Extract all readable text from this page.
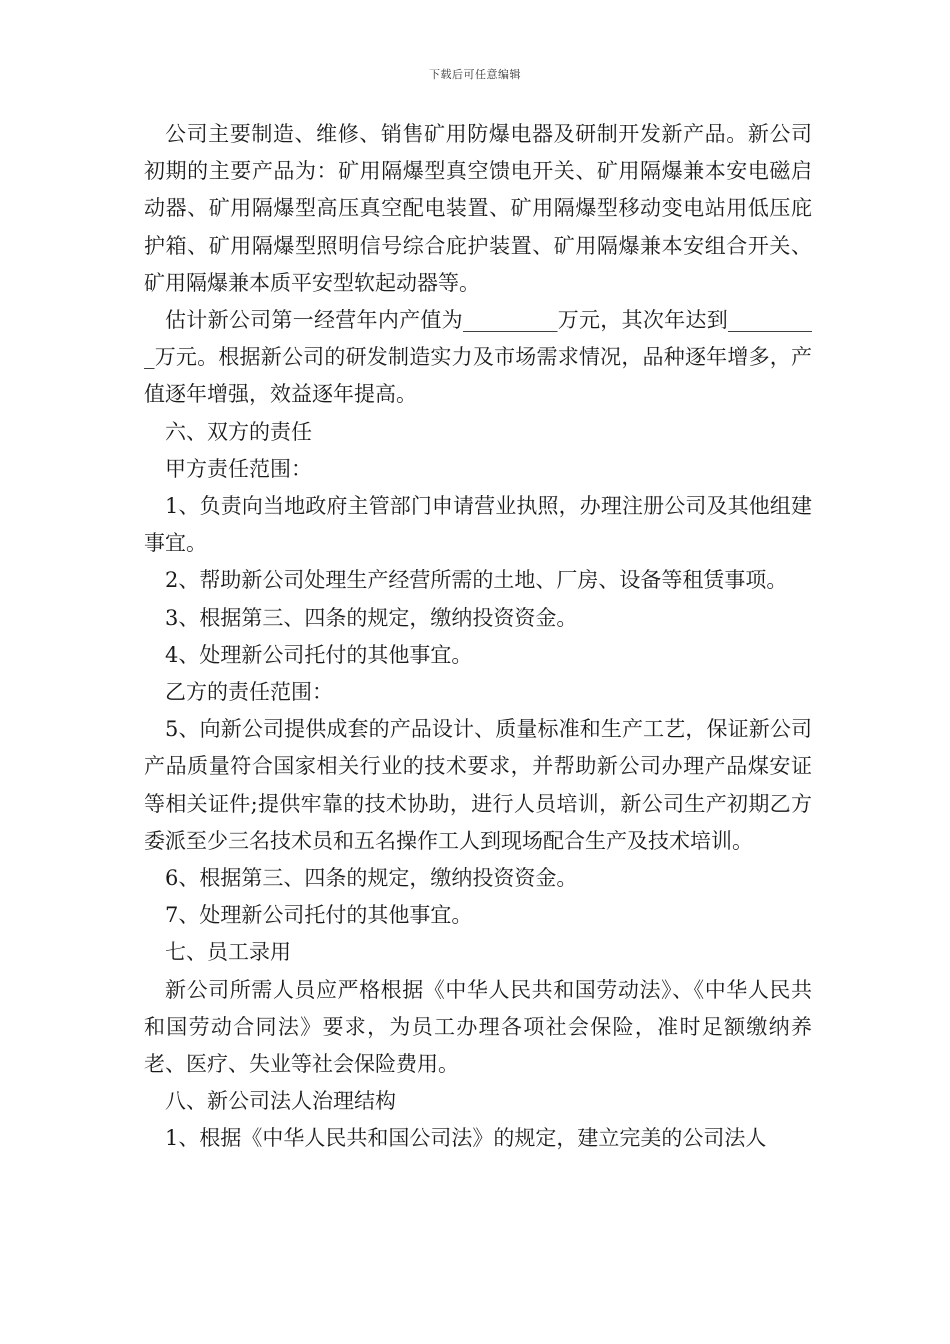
下载后可任意编辑

公司主要制造、维修、销售矿用防爆电器及研制开发新产品。新公司初期的主要产品为：矿用隔爆型真空馈电开关、矿用隔爆兼本安电磁启动器、矿用隔爆型高压真空配电装置、矿用隔爆型移动变电站用低压庇护箱、矿用隔爆型照明信号综合庇护装置、矿用隔爆兼本安组合开关、矿用隔爆兼本质平安型软起动器等。

估计新公司第一经营年内产值为_________万元，其次年达到_________万元。根据新公司的研发制造实力及市场需求情况，品种逐年增多，产值逐年增强，效益逐年提高。

六、双方的责任

甲方责任范围：

1、负责向当地政府主管部门申请营业执照，办理注册公司及其他组建事宜。

2、帮助新公司处理生产经营所需的土地、厂房、设备等租赁事项。

3、根据第三、四条的规定，缴纳投资资金。

4、处理新公司托付的其他事宜。

乙方的责任范围：

5、向新公司提供成套的产品设计、质量标准和生产工艺，保证新公司产品质量符合国家相关行业的技术要求，并帮助新公司办理产品煤安证等相关证件;提供牢靠的技术协助，进行人员培训，新公司生产初期乙方委派至少三名技术员和五名操作工人到现场配合生产及技术培训。

6、根据第三、四条的规定，缴纳投资资金。

7、处理新公司托付的其他事宜。

七、员工录用

新公司所需人员应严格根据《中华人民共和国劳动法》、《中华人民共和国劳动合同法》要求，为员工办理各项社会保险，准时足额缴纳养老、医疗、失业等社会保险费用。

八、新公司法人治理结构

1、根据《中华人民共和国公司法》的规定，建立完美的公司法人
